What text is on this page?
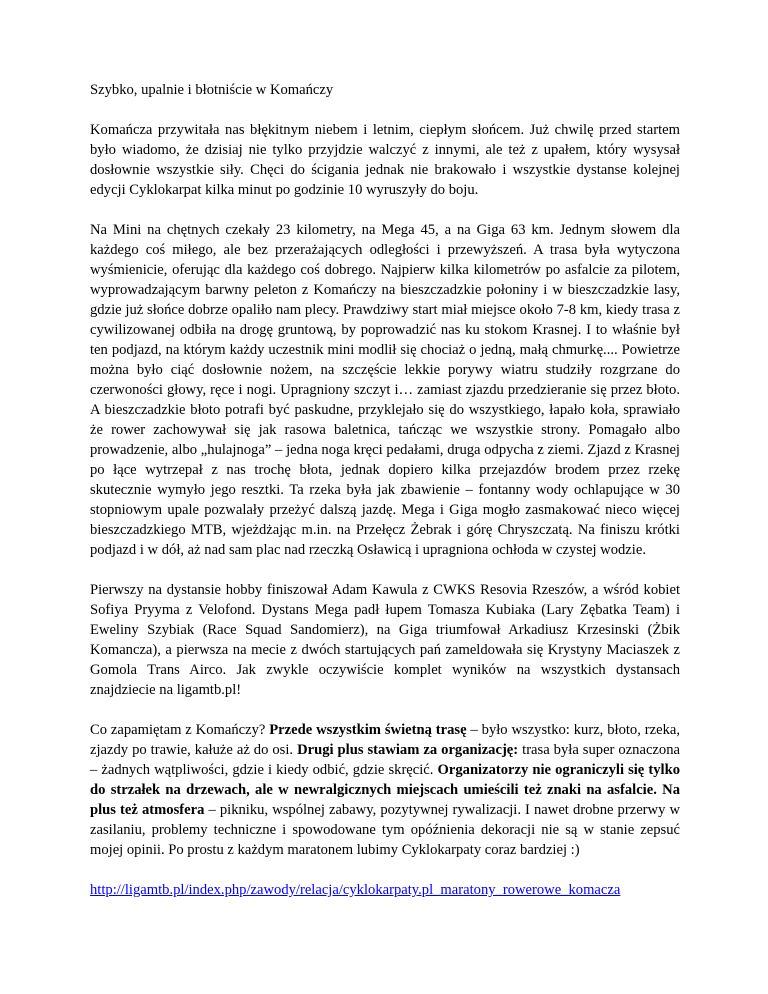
Szybko, upalnie i błotniście w Komańczy

Komańcza przywitała nas błękitnym niebem i letnim, ciepłym słońcem. Już chwilę przed startem było wiadomo, że dzisiaj nie tylko przyjdzie walczyć z innymi, ale też z upałem, który wysysał dosłownie wszystkie siły. Chęci do ścigania jednak nie brakowało i wszystkie dystanse kolejnej edycji Cyklokarpat kilka minut po godzinie 10 wyruszyły do boju.

Na Mini na chętnych czekały 23 kilometry, na Mega 45, a na Giga 63 km. Jednym słowem dla każdego coś miłego, ale bez przerażających odległości i przewyższeń. A trasa była wytyczona wyśmienicie, oferując dla każdego coś dobrego. Najpierw kilka kilometrów po asfalcie za pilotem, wyprowadzającym barwny peleton z Komańczy na bieszczadzkie połoniny i w bieszczadzkie lasy, gdzie już słońce dobrze opaliło nam plecy. Prawdziwy start miał miejsce około 7-8 km, kiedy trasa z cywilizowanej odbiła na drogę gruntową, by poprowadzić nas ku stokom Krasnej. I to właśnie był ten podjazd, na którym każdy uczestnik mini modlił się chociaż o jedną, małą chmurkę.... Powietrze można było ciąć dosłownie nożem, na szczęście lekkie porywy wiatru studziły rozgrzane do czerwoności głowy, ręce i nogi. Upragniony szczyt i… zamiast zjazdu przedzieranie się przez błoto. A bieszczadzkie błoto potrafi być paskudne, przyklejało się do wszystkiego, łapało koła, sprawiało że rower zachowywał się jak rasowa baletnica, tańcząc we wszystkie strony. Pomagało albo prowadzenie, albo „hulajnoga” – jedna noga kręci pedałami, druga odpycha z ziemi. Zjazd z Krasnej po łące wytrzepał z nas trochę błota, jednak dopiero kilka przejazdów brodem przez rzekę skutecznie wymyło jego resztki. Ta rzeka była jak zbawienie – fontanny wody ochlapujące w 30 stopniowym upale pozwalały przeżyć dalszą jazdę. Mega i Giga mogło zasmakować nieco więcej bieszczadzkiego MTB, wjeżdżając m.in. na Przełęcz Żebrak i górę Chryszczatą. Na finiszu krótki podjazd i w dół, aż nad sam plac nad rzeczką Osławicą i upragniona ochłoda w czystej wodzie.

Pierwszy na dystansie hobby finiszował Adam Kawula z CWKS Resovia Rzeszów, a wśród kobiet Sofiya Pryyma z Velofond. Dystans Mega padł łupem Tomasza Kubiaka (Lary Zębatka Team) i Eweliny Szybiak (Race Squad Sandomierz), na Giga triumfował Arkadiusz Krzesinski (Żbik Komancza), a pierwsza na mecie z dwóch startujących pań zameldowała się Krystyny Maciaszek z Gomola Trans Airco. Jak zwykle oczywiście komplet wyników na wszystkich dystansach znajdziecie na ligamtb.pl!

Co zapamiętam z Komańczy? Przede wszystkim świetną trasę – było wszystko: kurz, błoto, rzeka, zjazdy po trawie, kałuże aż do osi. Drugi plus stawiam za organizację: trasa była super oznaczona – żadnych wątpliwości, gdzie i kiedy odbić, gdzie skręcić. Organizatorzy nie ograniczyli się tylko do strzałek na drzewach, ale w newralgicznych miejscach umieścili też znaki na asfalcie. Na plus też atmosfera – pikniku, wspólnej zabawy, pozytywnej rywalizacji. I nawet drobne przerwy w zasilaniu, problemy techniczne i spowodowane tym opóźnienia dekoracji nie są w stanie zepsuć mojej opinii. Po prostu z każdym maratonem lubimy Cyklokarpaty coraz bardziej :)

http://ligamtb.pl/index.php/zawody/relacja/cyklokarpaty.pl_maratony_rowerowe_komacza
